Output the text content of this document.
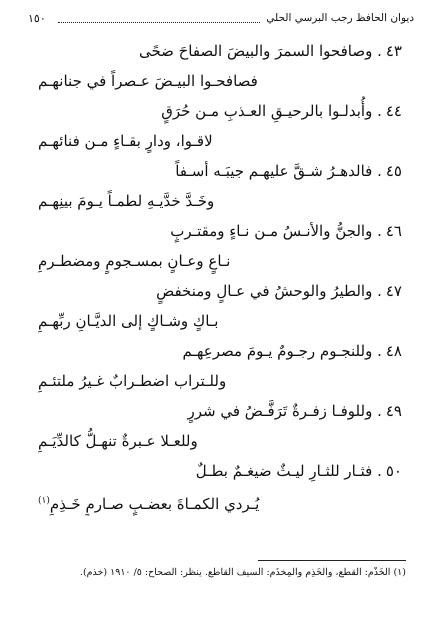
١٥٠	ديوان الحافظ رجب البرسي الحلي
٤٣. وصافحوا السمرَ والبيضَ الصفاحَ ضحًى
فصافحـوا البيـضَ عـصراً في جنانهـم
٤٤. وأُبدلـوا بالرحيـقِ العـذبِ مـن حُرَقٍ
لاقـوا، ودارٍ بقـاءٍ مـن فنائهـم
٤٥. فالدهـرُ شـقَّ عليهـم جيبَـه أسـفاً
وخَـدَّ خدَّيـهِ لطمـاً يـومَ بينِهـم
٤٦. والجنُّ والأنـسُ مـن نـاءٍ ومقتـربٍ
نـاعٍ وعـانٍ بمسـجومٍ ومضطـرمِ
٤٧. والطيرُ والوحشُ في عـالٍ ومنخفضٍ
بـاكٍ وشـاكٍ إلى الديَّـانِ ربِّهـمِ
٤٨. وللنجـوم رجـومٌ يـومَ مصرعِهـم
وللـتراب اضطـرابٌ غـيرُ ملتئـمِ
٤٩. وللوفـا زفـرةٌ تَرَفَّـضُ في شررٍ
وللعـلا عـبرةٌ تنهـلُّ كالدِّيَـمِ
٥٠. فثـار للثـارِ ليـثٌ ضيغـمٌ بطـلٌ
يُـردي الكمـاةَ بعضـبٍ صـارمٍ خَـذِمِ$^{(١)}$
(١) الخَذْم: القطع، والخَذِم والمِخذَم: السيف القاطع. ينظر: الصحاح: ٥/ ١٩١٠ (خذم).
